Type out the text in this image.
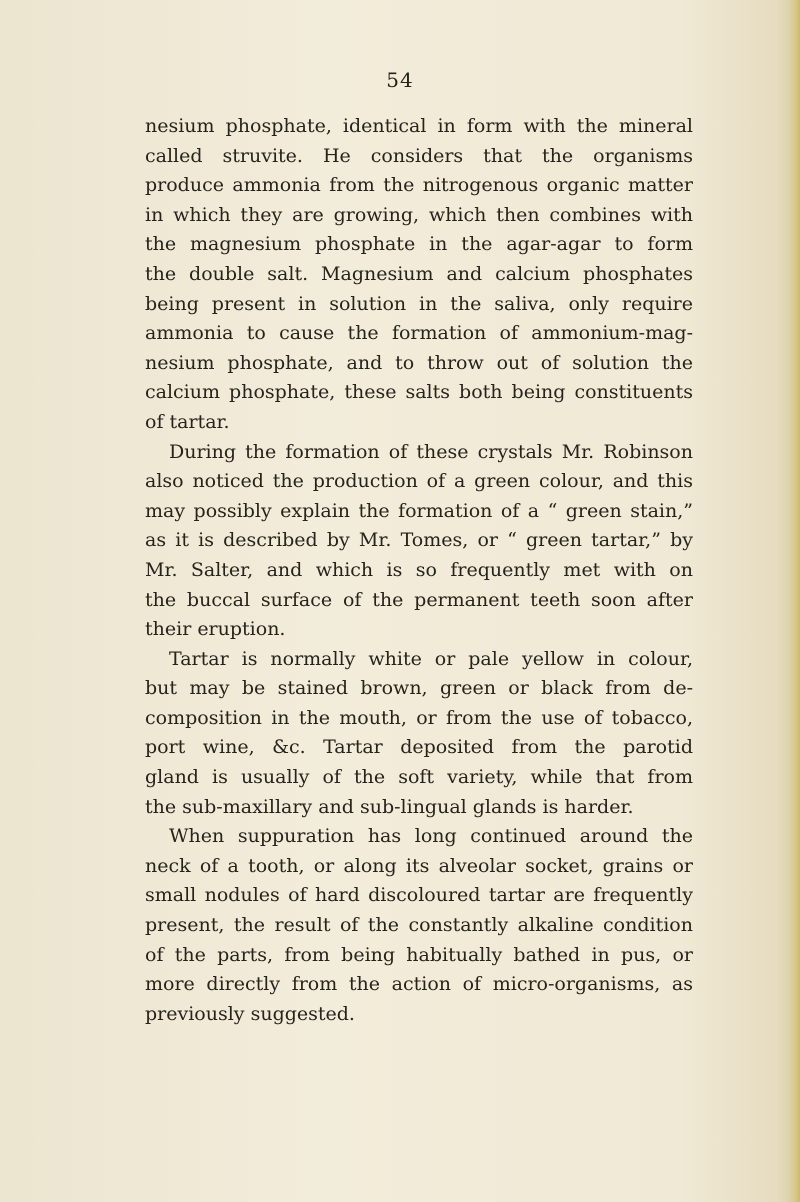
54
nesium phosphate, identical in form with the mineral
called struvite. He considers that the organisms
produce ammonia from the nitrogenous organic matter
in which they are growing, which then combines with
the magnesium phosphate in the agar-agar to form
the double salt. Magnesium and calcium phosphates
being present in solution in the saliva, only require
ammonia to cause the formation of ammonium-mag-
nesium phosphate, and to throw out of solution the
calcium phosphate, these salts both being constituents
of tartar.
During the formation of these crystals Mr. Robinson
also noticed the production of a green colour, and this
may possibly explain the formation of a “ green stain,”
as it is described by Mr. Tomes, or “ green tartar,” by
Mr. Salter, and which is so frequently met with on
the buccal surface of the permanent teeth soon after
their eruption.
Tartar is normally white or pale yellow in colour,
but may be stained brown, green or black from de-
composition in the mouth, or from the use of tobacco,
port wine, &c. Tartar deposited from the parotid
gland is usually of the soft variety, while that from
the sub-maxillary and sub-lingual glands is harder.
When suppuration has long continued around the
neck of a tooth, or along its alveolar socket, grains or
small nodules of hard discoloured tartar are frequently
present, the result of the constantly alkaline condition
of the parts, from being habitually bathed in pus, or
more directly from the action of micro-organisms, as
previously suggested.
